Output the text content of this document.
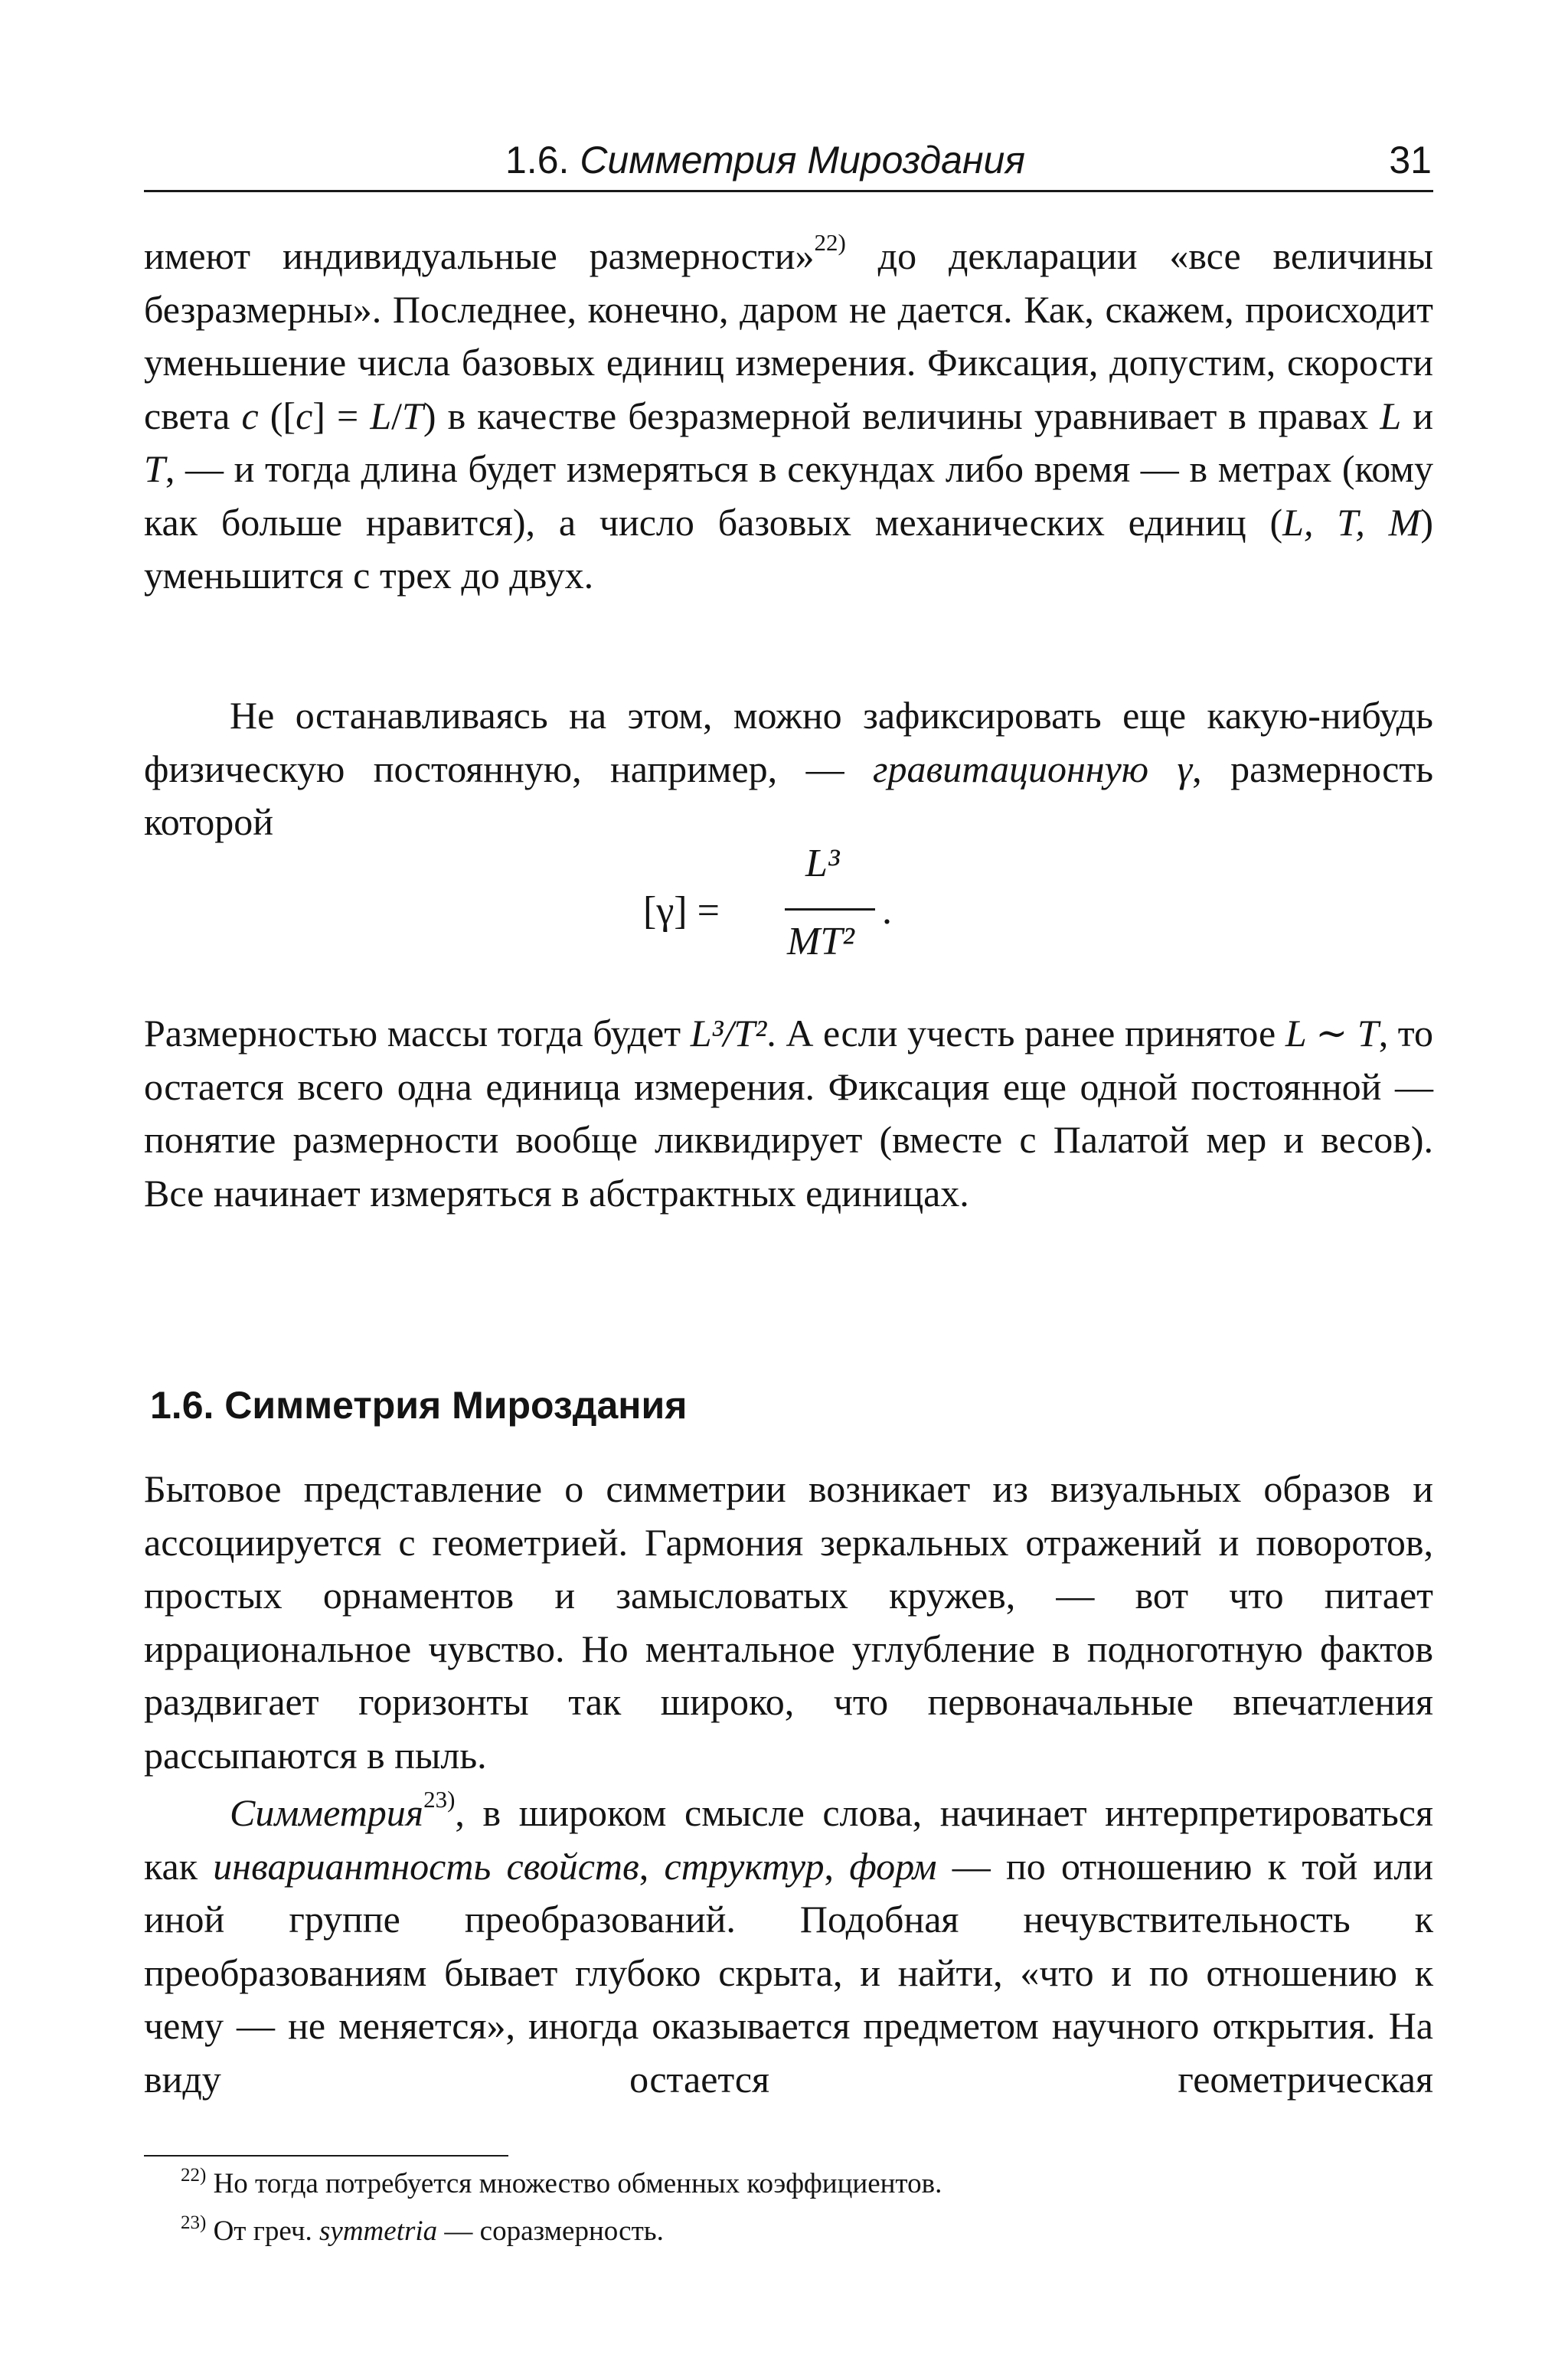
1.6. Симметрия Мироздания	31

имеют индивидуальные размерности»$^{22)}$ до декларации «все величины безразмерны». Последнее, конечно, даром не дается. Как, скажем, происходит уменьшение числа базовых единиц измерения. Фиксация, допустим, скорости света c ([c] = L/T) в качестве безразмерной величины уравнивает в правах L и T, — и тогда длина будет измеряться в секундах либо время — в метрах (кому как больше нравится), а число базовых механических единиц (L, T, M) уменьшится с трех до двух.

Не останавливаясь на этом, можно зафиксировать еще какую-нибудь физическую постоянную, например, — гравитационную γ, размерность которой

[γ] =
L³
MT²
.

Размерностью массы тогда будет L³/T². А если учесть ранее принятое L ∼ T, то остается всего одна единица измерения. Фиксация еще одной постоянной — понятие размерности вообще ликвидирует (вместе с Палатой мер и весов). Все начинает измеряться в абстрактных единицах.

1.6. Симметрия Мироздания

Бытовое представление о симметрии возникает из визуальных образов и ассоциируется с геометрией. Гармония зеркальных отражений и поворотов, простых орнаментов и замысловатых кружев, — вот что питает иррациональное чувство. Но ментальное углубление в подноготную фактов раздвигает горизонты так широко, что первоначальные впечатления рассыпаются в пыль.

Симметрия$^{23)}$, в широком смысле слова, начинает интерпретироваться как инвариантность свойств, структур, форм — по отношению к той или иной группе преобразований. Подобная нечувствительность к преобразованиям бывает глубоко скрыта, и найти, «что и по отношению к чему — не меняется», иногда оказывается предметом научного открытия. На виду остается геометрическая

$^{22)}$ Но тогда потребуется множество обменных коэффициентов.
$^{23)}$ От греч. symmetria — соразмерность.
